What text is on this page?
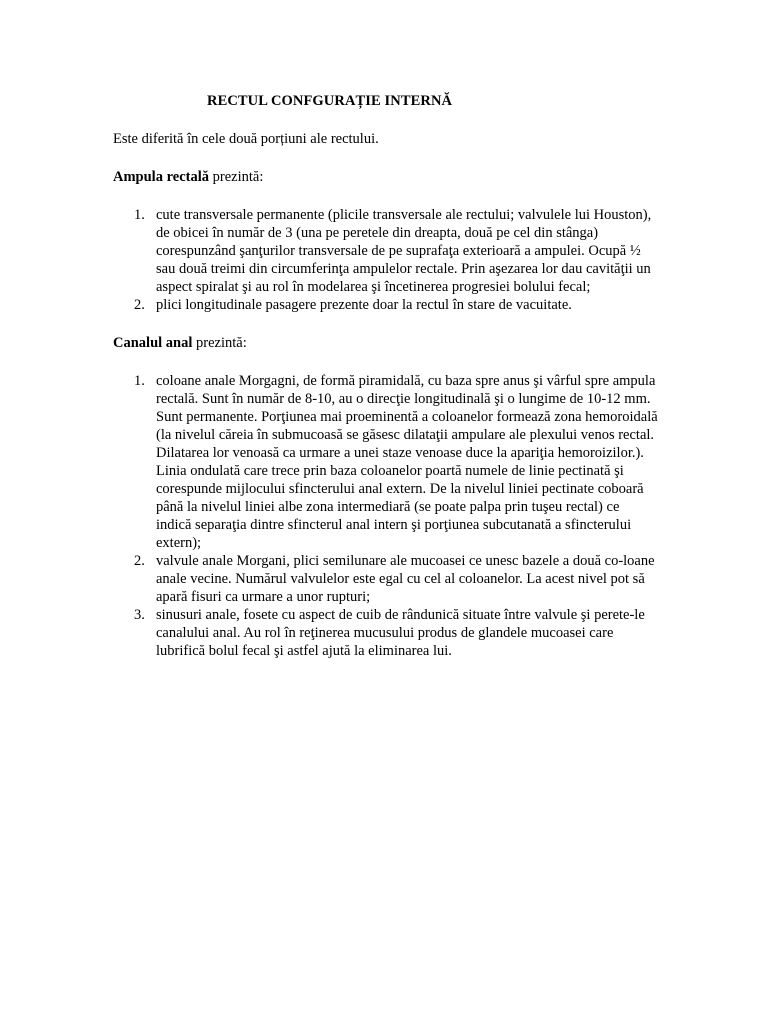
RECTUL CONFGURAȚIE INTERNĂ

Este diferită în cele două porțiuni ale rectului.

Ampula rectală prezintă:

1. cute transversale permanente (plicile transversale ale rectului; valvulele lui Houston), de obicei în număr de 3 (una pe peretele din dreapta, două pe cel din stânga) corespunzând şanţurilor transversale de pe suprafaţa exterioară a ampulei. Ocupă ½ sau două treimi din circumferinţa ampulelor rectale. Prin aşezarea lor dau cavităţii un aspect spiralat şi au rol în modelarea şi încetinerea progresiei bolului fecal;
2. plici longitudinale pasagere prezente doar la rectul în stare de vacuitate.

Canalul anal prezintă:

1. coloane anale Morgagni, de formă piramidală, cu baza spre anus şi vârful spre ampula rectală. Sunt în număr de 8-10, au o direcţie longitudinală şi o lungime de 10-12 mm. Sunt permanente. Porţiunea mai proeminentă a coloanelor formează zona hemoroidală (la nivelul căreia în submucoasă se găsesc dilataţii ampulare ale plexului venos rectal. Dilatarea lor venoasă ca urmare a unei staze venoase duce la apariţia hemoroizilor.). Linia ondulată care trece prin baza coloanelor poartă numele de linie pectinată şi corespunde mijlocului sfincterului anal extern. De la nivelul liniei pectinate coboară până la nivelul liniei albe zona intermediară (se poate palpa prin tuşeu rectal) ce indică separaţia dintre sfincterul anal intern şi porţiunea subcutanată a sfincterului extern);
2. valvule anale Morgani, plici semilunare ale mucoasei ce unesc bazele a două co-loane anale vecine. Numărul valvulelor este egal cu cel al coloanelor. La acest nivel pot să apară fisuri ca urmare a unor rupturi;
3. sinusuri anale, fosete cu aspect de cuib de rândunică situate între valvule şi perete-le canalului anal. Au rol în reţinerea mucusului produs de glandele mucoasei care lubrifică bolul fecal şi astfel ajută la eliminarea lui.
